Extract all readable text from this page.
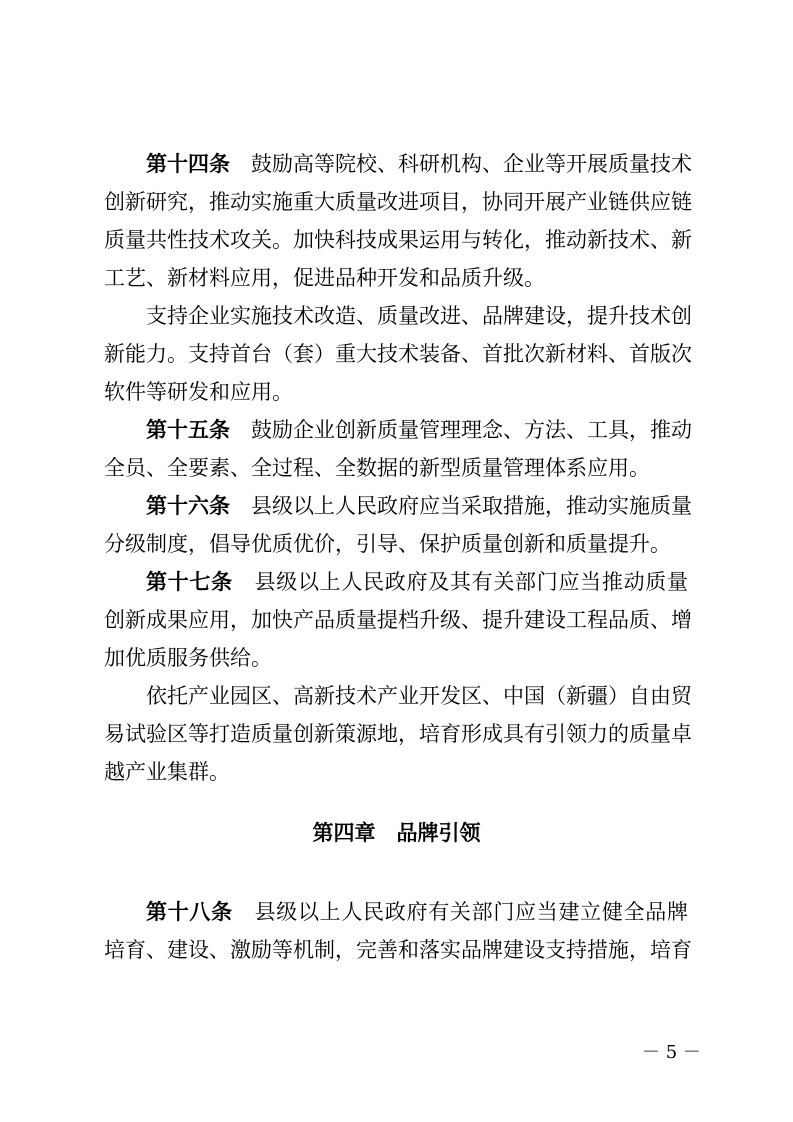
第十四条　 鼓励高等院校、科研机构、企业等开展质量技术
创新研究，推动实施重大质量改进项目，协同开展产业链供应链
质量共性技术攻关。加快科技成果运用与转化，推动新技术、新
工艺、新材料应用，促进品种开发和品质升级。
支持企业实施技术改造、质量改进、品牌建设，提升技术创
新能力。支持首台（套）重大技术装备、首批次新材料、首版次
软件等研发和应用。
第十五条　 鼓励企业创新质量管理理念、方法、工具，推动
全员、全要素、全过程、全数据的新型质量管理体系应用。
第十六条　 县级以上人民政府应当采取措施，推动实施质量
分级制度，倡导优质优价，引导、保护质量创新和质量提升。
第十七条　 县级以上人民政府及其有关部门应当推动质量
创新成果应用，加快产品质量提档升级、提升建设工程品质、增
加优质服务供给。
依托产业园区、高新技术产业开发区、中国（新疆）自由贸
易试验区等打造质量创新策源地，培育形成具有引领力的质量卓
越产业集群。
第四章　品牌引领
第十八条　 县级以上人民政府有关部门应当建立健全品牌
培育、建设、激励等机制，完善和落实品牌建设支持措施，培育
－ 5 －
